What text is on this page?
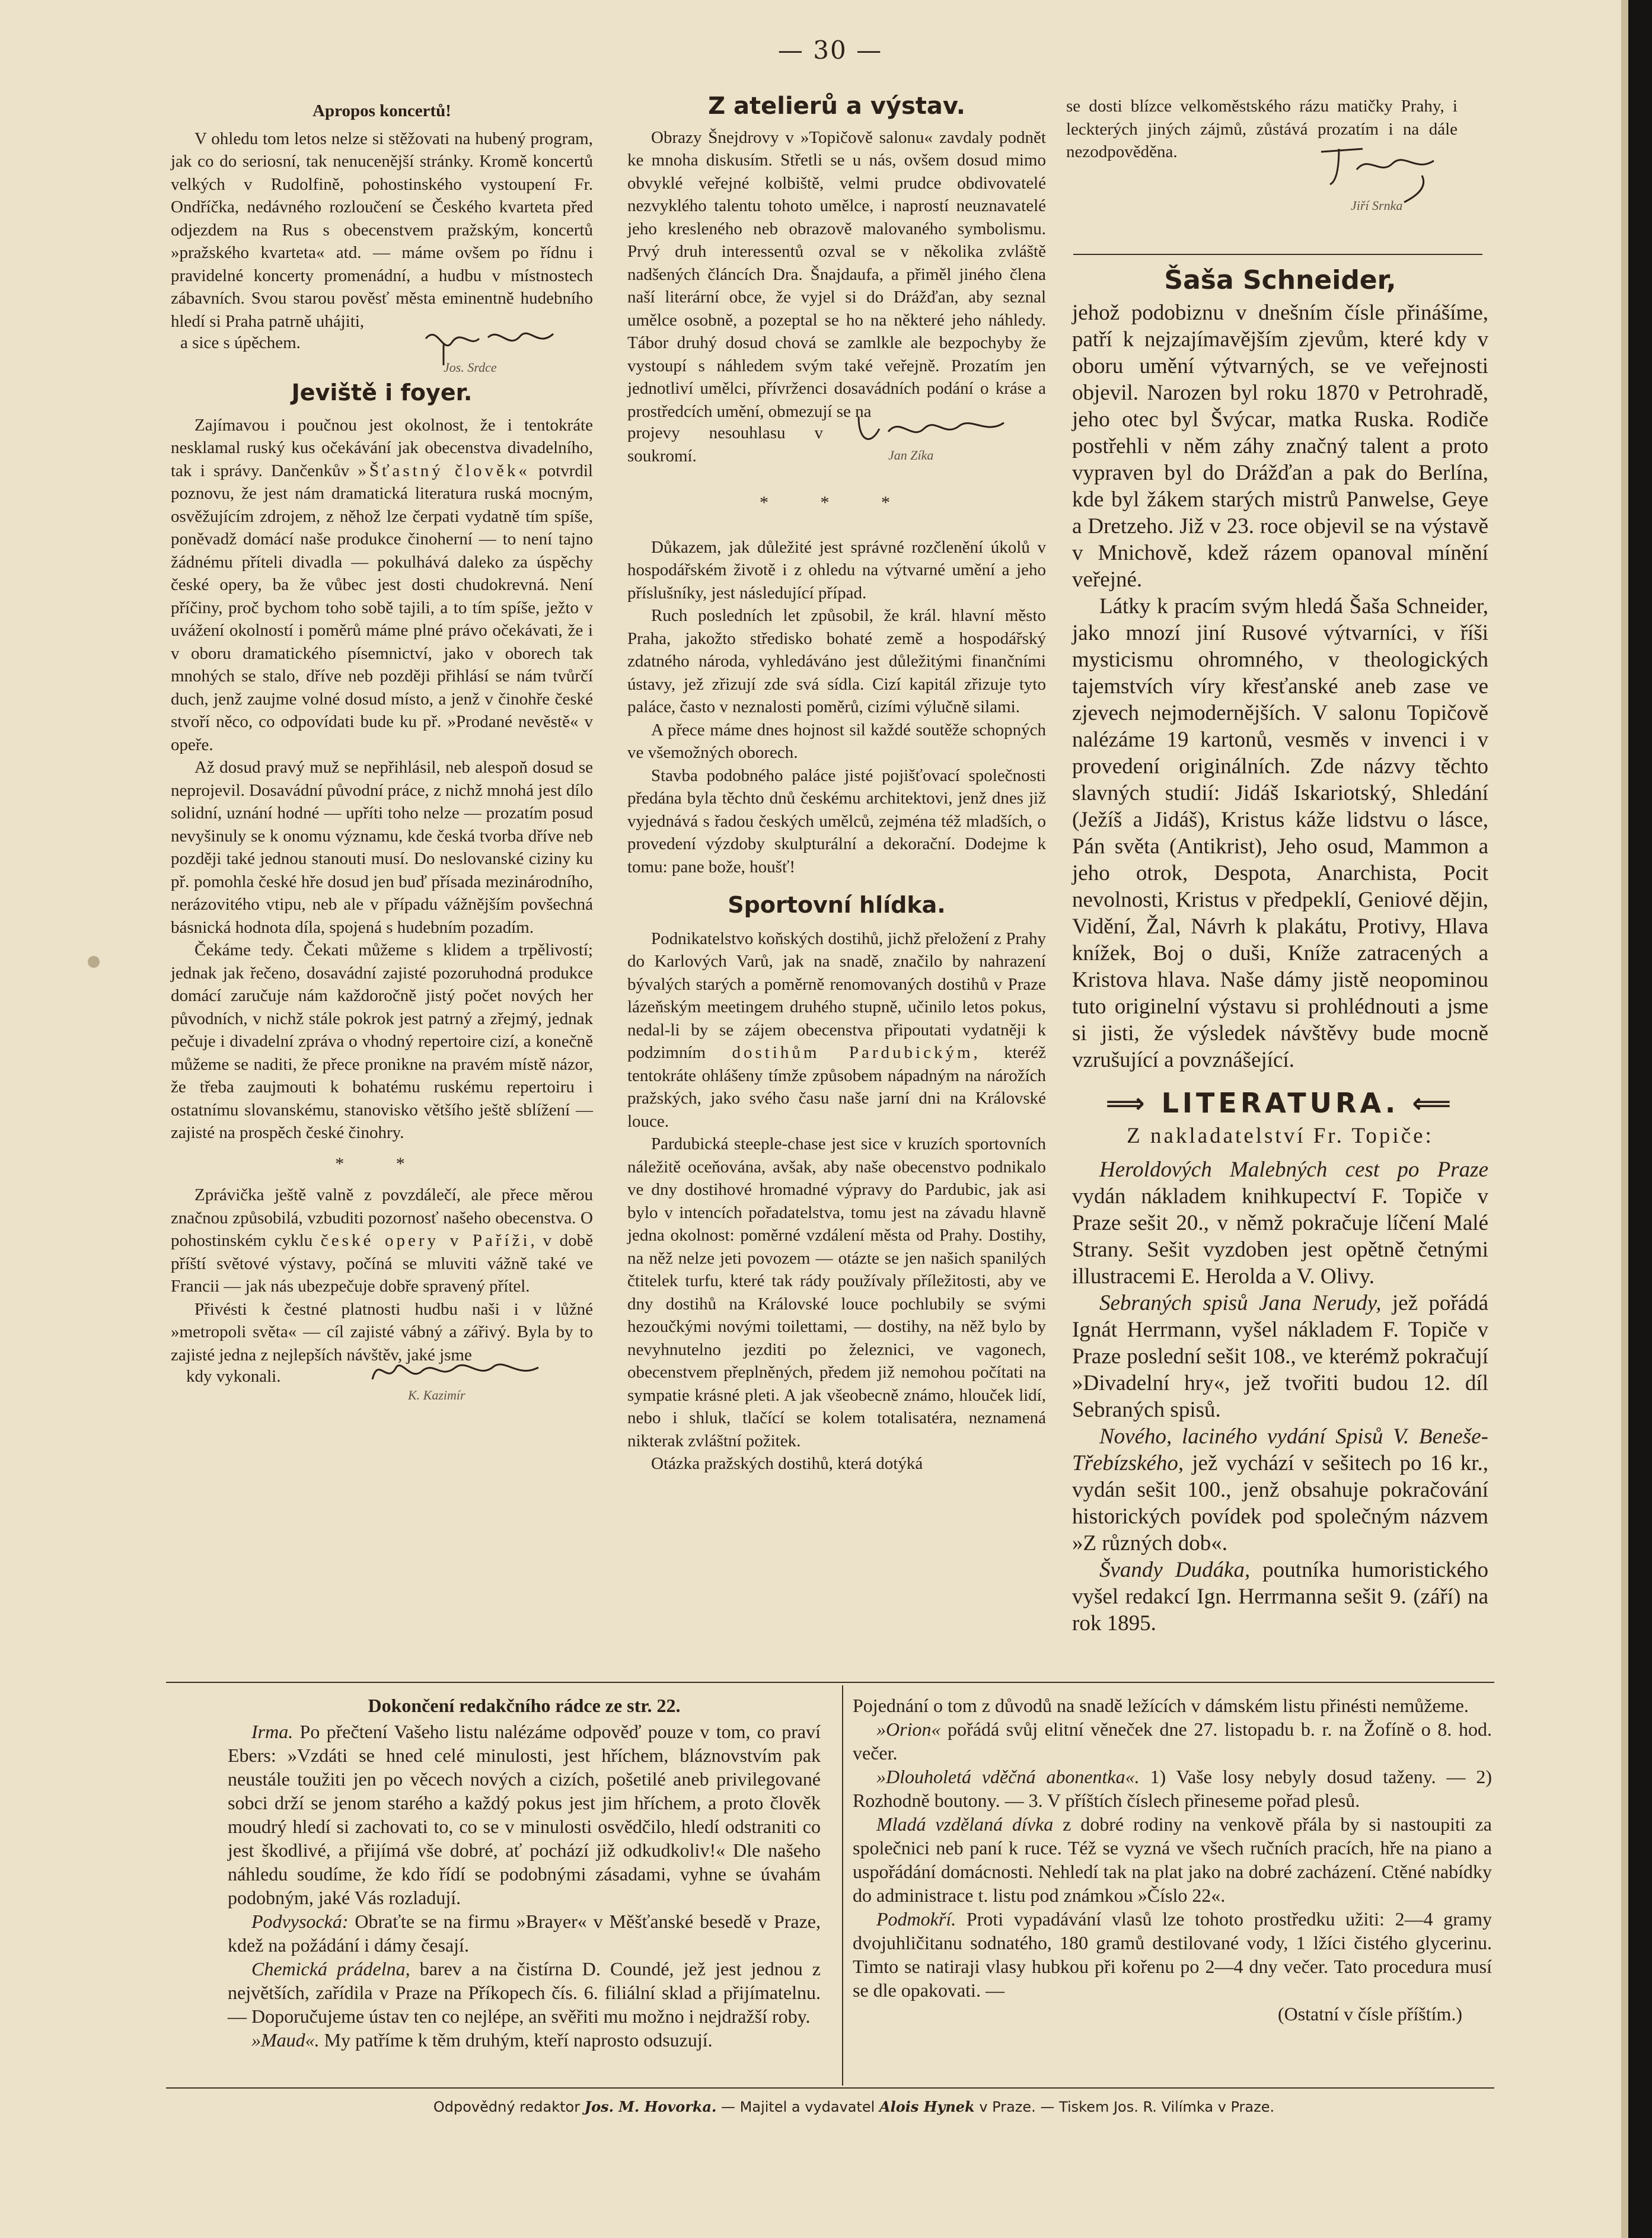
— 30 —
Apropos koncertů!

V ohledu tom letos nelze si stěžovati na hubený program, jak co do seriosní, tak nenucenější stránky. Kromě koncertů velkých v Rudolfině, pohostinského vystoupení Fr. Ondříčka, nedávného rozloučení se Českého kvarteta před odjezdem na Rus s obecenstvem pražským, koncertů »pražského kvarteta« atd. — máme ovšem po řídnu i pravidelné koncerty promenádní, a hudbu v místnostech zábavních. Svou starou pověsť města eminentně hudebního hledí si Praha patrně uhájiti,

a sice s úpěchem.
Jos. Srdce
Jeviště i foyer.

Zajímavou i poučnou jest okolnost, že i tentokráte nesklamal ruský kus očekávání jak obecenstva divadelního, tak i správy. Dančenkův »Šťastný člověk« potvrdil poznovu, že jest nám dramatická literatura ruská mocným, osvěžujícím zdrojem, z něhož lze čerpati vydatně tím spíše, poněvadž domácí naše produkce činoherní — to není tajno žádnému příteli divadla — pokulhává daleko za úspěchy české opery, ba že vůbec jest dosti chudokrevná. Není příčiny, proč bychom toho sobě tajili, a to tím spíše, ježto v uvážení okolností i poměrů máme plné právo očekávati, že i v oboru dramatického písemnictví, jako v oborech tak mnohých se stalo, dříve neb později přihlásí se nám tvůrčí duch, jenž zaujme volné dosud místo, a jenž v činohře české stvoří něco, co odpovídati bude ku př. »Prodané nevěstě« v opeře.

Až dosud pravý muž se nepřihlásil, neb alespoň dosud se neprojevil. Dosavádní původní práce, z nichž mnohá jest dílo solidní, uznání hodné — upříti toho nelze — prozatím posud nevyšinuly se k onomu významu, kde česká tvorba dříve neb později také jednou stanouti musí. Do neslovanské ciziny ku př. pomohla české hře dosud jen buď přísada mezinárodního, nerázovitého vtipu, neb ale v případu vážnějším povšechná básnická hodnota díla, spojená s hudebním pozadím.

Čekáme tedy. Čekati můžeme s klidem a trpělivostí; jednak jak řečeno, dosavádní zajisté pozoruhodná produkce domácí zaručuje nám každoročně jistý počet nových her původních, v nichž stále pokrok jest patrný a zřejmý, jednak pečuje i divadelní zpráva o vhodný repertoire cizí, a konečně můžeme se naditi, že přece pronikne na pravém místě názor, že třeba zaujmouti k bohatému ruskému repertoiru i ostatnímu slovanskému, stanovisko většího ještě sblížení — zajisté na prospěch české činohry.

* *

Zprávička ještě valně z povzdálečí, ale přece měrou značnou způsobilá, vzbuditi pozornosť našeho obecenstva. O pohostinském cyklu české opery v Paříži, v době příští světové výstavy, počíná se mluviti vážně také ve Francii — jak nás ubezpečuje dobře spravený přítel.

Přivésti k čestné platnosti hudbu naši i v lůžné »metropoli světa« — cíl zajisté vábný a zářivý. Byla by to zajisté jedna z nejlepších návštěv, jaké jsme

kdy vykonali.
K. Kazimír
Z atelierů a výstav.

Obrazy Šnejdrovy v »Topičově salonu« zavdaly podnět ke mnoha diskusím. Střetli se u nás, ovšem dosud mimo obvyklé veřejné kolbiště, velmi prudce obdivovatelé nezvyklého talentu tohoto umělce, i naprostí neuznavatelé jeho kresleného neb obrazově malovaného symbolismu. Prvý druh interessentů ozval se v několika zvláště nadšených článcích Dra. Šnajdaufa, a přiměl jiného člena naší literární obce, že vyjel si do Drážďan, aby seznal umělce osobně, a pozeptal se ho na některé jeho náhledy. Tábor druhý dosud chová se zamlkle ale bezpochyby že vystoupí s náhledem svým také veřejně. Prozatím jen jednotliví umělci, přívrženci dosavádních podání o kráse a prostředcích umění, obmezují se na

projevy nesouhlasu v soukromí.	Jan Zíka
* * *

Důkazem, jak důležité jest správné rozčlenění úkolů v hospodářském životě i z ohledu na výtvarné umění a jeho příslušníky, jest následující případ.

Ruch posledních let způsobil, že král. hlavní město Praha, jakožto středisko bohaté země a hospodářský zdatného národa, vyhledáváno jest důležitými finančními ústavy, jež zřizují zde svá sídla. Cizí kapitál zřizuje tyto paláce, často v neznalosti poměrů, cizími výlučně silami.

A přece máme dnes hojnost sil každé soutěže schopných ve všemožných oborech.

Stavba podobného paláce jisté pojišťovací společnosti předána byla těchto dnů českému architektovi, jenž dnes již vyjednává s řadou českých umělců, zejména též mladších, o provedení výzdoby skulpturální a dekorační. Dodejme k tomu: pane bože, houšť!

Sportovní hlídka.

Podnikatelstvo koňských dostihů, jichž přeložení z Prahy do Karlových Varů, jak na snadě, značilo by nahrazení bývalých starých a poměrně renomovaných dostihů v Praze lázeňským meetingem druhého stupně, učinilo letos pokus, nedal-li by se zájem obecenstva připoutati vydatněji k podzimním dostihům Pardubickým, kteréž tentokráte ohlášeny tímže způsobem nápadným na nárožích pražských, jako svého času naše jarní dni na Královské louce.

Pardubická steeple-chase jest sice v kruzích sportovních náležitě oceňována, avšak, aby naše obecenstvo podnikalo ve dny dostihové hromadné výpravy do Pardubic, jak asi bylo v intencích pořadatelstva, tomu jest na závadu hlavně jedna okolnost: poměrné vzdálení města od Prahy. Dostihy, na něž nelze jeti povozem — otázte se jen našich spanilých čtitelek turfu, které tak rády používaly příležitosti, aby ve dny dostihů na Královské louce pochlubily se svými hezoučkými novými toilettami, — dostihy, na něž bylo by nevyhnutelno jezditi po železnici, ve vagonech, obecenstvem přeplněných, předem již nemohou počítati na sympatie krásné pleti. A jak všeobecně známo, hlouček lidí, nebo i shluk, tlačící se kolem totalisatéra, neznamená nikterak zvláštní požitek.

Otázka pražských dostihů, která dotýká

se dosti blízce velkoměstského rázu matičky Prahy, i leckterých jiných zájmů, zůstává prozatím i na dále nezodpověděna.

Jiří Srnka
Šaša Schneider,

jehož podobiznu v dnešním čísle přinášíme, patří k nejzajímavějším zjevům, které kdy v oboru umění výtvarných, se ve veřejnosti objevil. Narozen byl roku 1870 v Petrohradě, jeho otec byl Švýcar, matka Ruska. Rodiče postřehli v něm záhy značný talent a proto vypraven byl do Drážďan a pak do Berlína, kde byl žákem starých mistrů Panwelse, Geye a Dretzeho. Již v 23. roce objevil se na výstavě v Mnichově, kdež rázem opanoval mínění veřejné.

Látky k pracím svým hledá Šaša Schneider, jako mnozí jiní Rusové výtvarníci, v říši mysticismu ohromného, v theologických tajemstvích víry křesťanské aneb zase ve zjevech nejmodernějších. V salonu Topičově nalézáme 19 kartonů, vesměs v invenci i v provedení originálních. Zde názvy těchto slavných studií: Jidáš Iskariotský, Shledání (Ježíš a Jidáš), Kristus káže lidstvu o lásce, Pán světa (Antikrist), Jeho osud, Mammon a jeho otrok, Despota, Anarchista, Pocit nevolnosti, Kristus v předpeklí, Geniové dějin, Vidění, Žal, Návrh k plakátu, Protivy, Hlava knížek, Boj o duši, Kníže zatracených a Kristova hlava. Naše dámy jistě neopominou tuto originelní výstavu si prohlédnouti a jsme si jisti, že výsledek návštěvy bude mocně vzrušující a povznášející.

⟹ LITERATURA. ⟸
Z nakladatelství Fr. Topiče:

Heroldových Malebných cest po Praze vydán nákladem knihkupectví F. Topiče v Praze sešit 20., v němž pokračuje líčení Malé Strany. Sešit vyzdoben jest opětně četnými illustracemi E. Herolda a V. Olivy.

Sebraných spisů Jana Nerudy, jež pořádá Ignát Herrmann, vyšel nákladem F. Topiče v Praze poslední sešit 108., ve kterémž pokračují »Divadelní hry«, jež tvořiti budou 12. díl Sebraných spisů.

Nového, laciného vydání Spisů V. Beneše-Třebízského, jež vychází v sešitech po 16 kr., vydán sešit 100., jenž obsahuje pokračování historických povídek pod společným názvem »Z různých dob«.

Švandy Dudáka, poutníka humoristického vyšel redakcí Ign. Herrmanna sešit 9. (září) na rok 1895.

Dokončení redakčního rádce ze str. 22.

Irma. Po přečtení Vašeho listu nalézáme odpověď pouze v tom, co praví Ebers: »Vzdáti se hned celé minulosti, jest hříchem, bláznovstvím pak neustále toužiti jen po věcech nových a cizích, pošetilé aneb privilegované sobci drží se jenom starého a každý pokus jest jim hříchem, a proto člověk moudrý hledí si zachovati to, co se v minulosti osvědčilo, hledí odstraniti co jest škodlivé, a přijímá vše dobré, ať pochází již odkudkoliv!« Dle našeho náhledu soudíme, že kdo řídí se podobnými zásadami, vyhne se úvahám podobným, jaké Vás rozladují.

Podvysocká: Obraťte se na firmu »Brayer« v Měšťanské besedě v Praze, kdež na požádání i dámy česají.

Chemická prádelna, barev a na čistírna D. Coundé, jež jest jednou z největších, zařídila v Praze na Příkopech čís. 6. filiální sklad a přijímatelnu. — Doporučujeme ústav ten co nejlépe, an svěřiti mu možno i nejdražší roby.

»Maud«. My patříme k těm druhým, kteří naprosto odsuzují.

Pojednání o tom z důvodů na snadě ležících v dámském listu přinésti nemůžeme.

»Orion« pořádá svůj elitní věneček dne 27. listopadu b. r. na Žofíně o 8. hod. večer.

»Dlouholetá vděčná abonentka«. 1) Vaše losy nebyly dosud taženy. — 2) Rozhodně boutony. — 3. V příštích číslech přineseme pořad plesů.

Mladá vzdělaná dívka z dobré rodiny na venkově přála by si nastoupiti za společnici neb paní k ruce. Též se vyzná ve všech ručních pracích, hře na piano a uspořádání domácnosti. Nehledí tak na plat jako na dobré zacházení. Ctěné nabídky do administrace t. listu pod známkou »Číslo 22«.

Podmokří. Proti vypadávání vlasů lze tohoto prostředku užiti: 2—4 gramy dvojuhličitanu sodnatého, 180 gramů destilované vody, 1 lžíci čistého glycerinu. Timto se natiraji vlasy hubkou při kořenu po 2—4 dny večer. Tato procedura musí se dle opakovati. —

(Ostatní v čísle příštím.)
Odpovědný redaktor Jos. M. Hovorka. — Majitel a vydavatel Alois Hynek v Praze. — Tiskem Jos. R. Vilímka v Praze.
